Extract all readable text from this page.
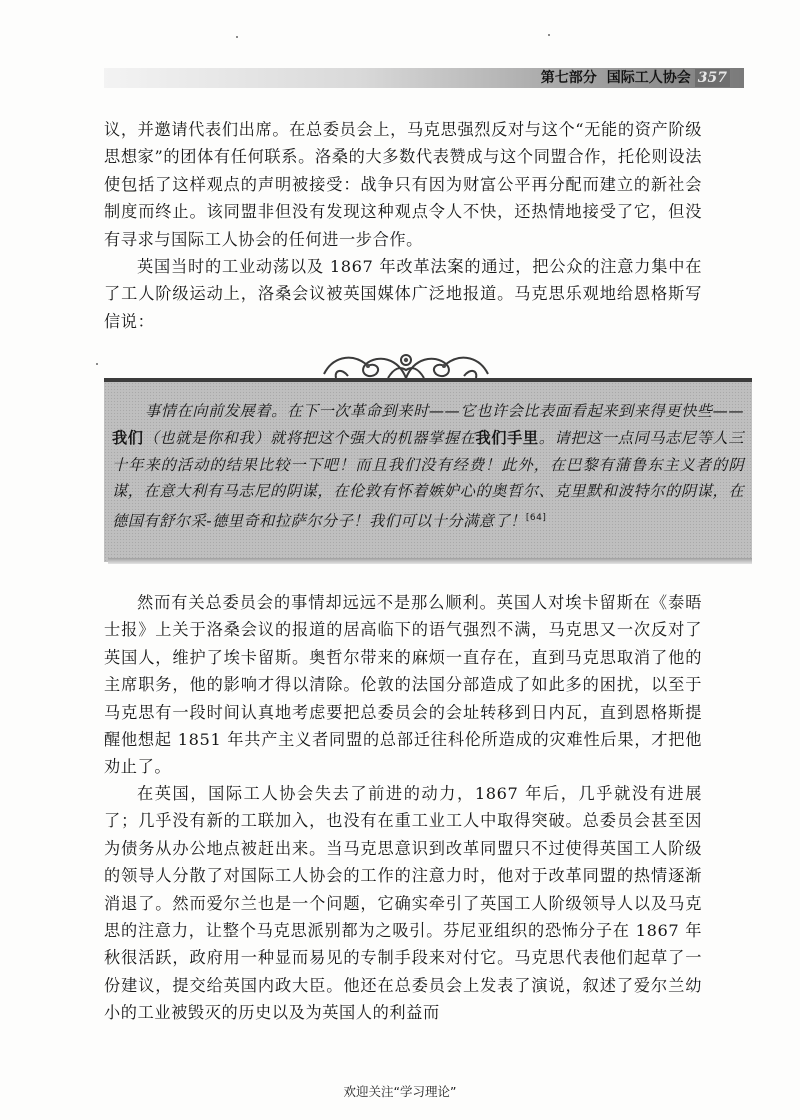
第七部分 国际工人协会 357
议，并邀请代表们出席。在总委员会上，马克思强烈反对与这个“无能的资产阶级思想家”的团体有任何联系。洛桑的大多数代表赞成与这个同盟合作，托伦则设法使包括了这样观点的声明被接受：战争只有因为财富公平再分配而建立的新社会制度而终止。该同盟非但没有发现这种观点令人不快，还热情地接受了它，但没有寻求与国际工人协会的任何进一步合作。
英国当时的工业动荡以及 1867 年改革法案的通过，把公众的注意力集中在了工人阶级运动上，洛桑会议被英国媒体广泛地报道。马克思乐观地给恩格斯写信说：
事情在向前发展着。在下一次革命到来时——它也许会比表面看起来到来得更快些——我们（也就是你和我）就将把这个强大的机器掌握在我们手里。请把这一点同马志尼等人三十年来的活动的结果比较一下吧！而且我们没有经费！此外，在巴黎有蒲鲁东主义者的阴谋，在意大利有马志尼的阴谋，在伦敦有怀着嫉妒心的奥哲尔、克里默和波特尔的阴谋，在德国有舒尔采-德里奇和拉萨尔分子！我们可以十分满意了！[64]
然而有关总委员会的事情却远远不是那么顺利。英国人对埃卡留斯在《泰晤士报》上关于洛桑会议的报道的居高临下的语气强烈不满，马克思又一次反对了英国人，维护了埃卡留斯。奥哲尔带来的麻烦一直存在，直到马克思取消了他的主席职务，他的影响才得以清除。伦敦的法国分部造成了如此多的困扰，以至于马克思有一段时间认真地考虑要把总委员会的会址转移到日内瓦，直到恩格斯提醒他想起 1851 年共产主义者同盟的总部迁往科伦所造成的灾难性后果，才把他劝止了。
在英国，国际工人协会失去了前进的动力，1867 年后，几乎就没有进展了；几乎没有新的工联加入，也没有在重工业工人中取得突破。总委员会甚至因为债务从办公地点被赶出来。当马克思意识到改革同盟只不过使得英国工人阶级的领导人分散了对国际工人协会的工作的注意力时，他对于改革同盟的热情逐渐消退了。然而爱尔兰也是一个问题，它确实牵引了英国工人阶级领导人以及马克思的注意力，让整个马克思派别都为之吸引。芬尼亚组织的恐怖分子在 1867 年秋很活跃，政府用一种显而易见的专制手段来对付它。马克思代表他们起草了一份建议，提交给英国内政大臣。他还在总委员会上发表了演说，叙述了爱尔兰幼小的工业被毁灭的历史以及为英国人的利益而
欢迎关注“学习理论”
